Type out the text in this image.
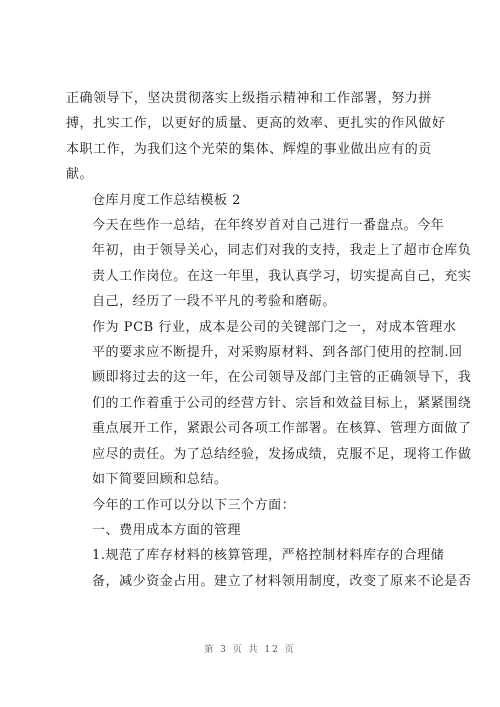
正确领导下，坚决贯彻落实上级指示精神和工作部署，努力拼
搏，扎实工作，以更好的质量、更高的效率、更扎实的作风做好
本职工作，为我们这个光荣的集体、辉煌的事业做出应有的贡
献。

仓库月度工作总结模板 2

今天在些作一总结，在年终岁首对自己进行一番盘点。今年
年初，由于领导关心，同志们对我的支持，我走上了超市仓库负
责人工作岗位。在这一年里，我认真学习，切实提高自己，充实
自己，经历了一段不平凡的考验和磨砺。

作为 PCB 行业，成本是公司的关键部门之一，对成本管理水
平的要求应不断提升，对采购原材料、到各部门使用的控制.回
顾即将过去的这一年，在公司领导及部门主管的正确领导下，我
们的工作着重于公司的经营方针、宗旨和效益目标上，紧紧围绕
重点展开工作，紧跟公司各项工作部署。在核算、管理方面做了
应尽的责任。为了总结经验，发扬成绩，克服不足，现将工作做
如下简要回顾和总结。

今年的工作可以分以下三个方面：

一、费用成本方面的管理

1.规范了库存材料的核算管理，严格控制材料库存的合理储
备，减少资金占用。建立了材料领用制度，改变了原来不论是否

第 3 页 共 12 页
